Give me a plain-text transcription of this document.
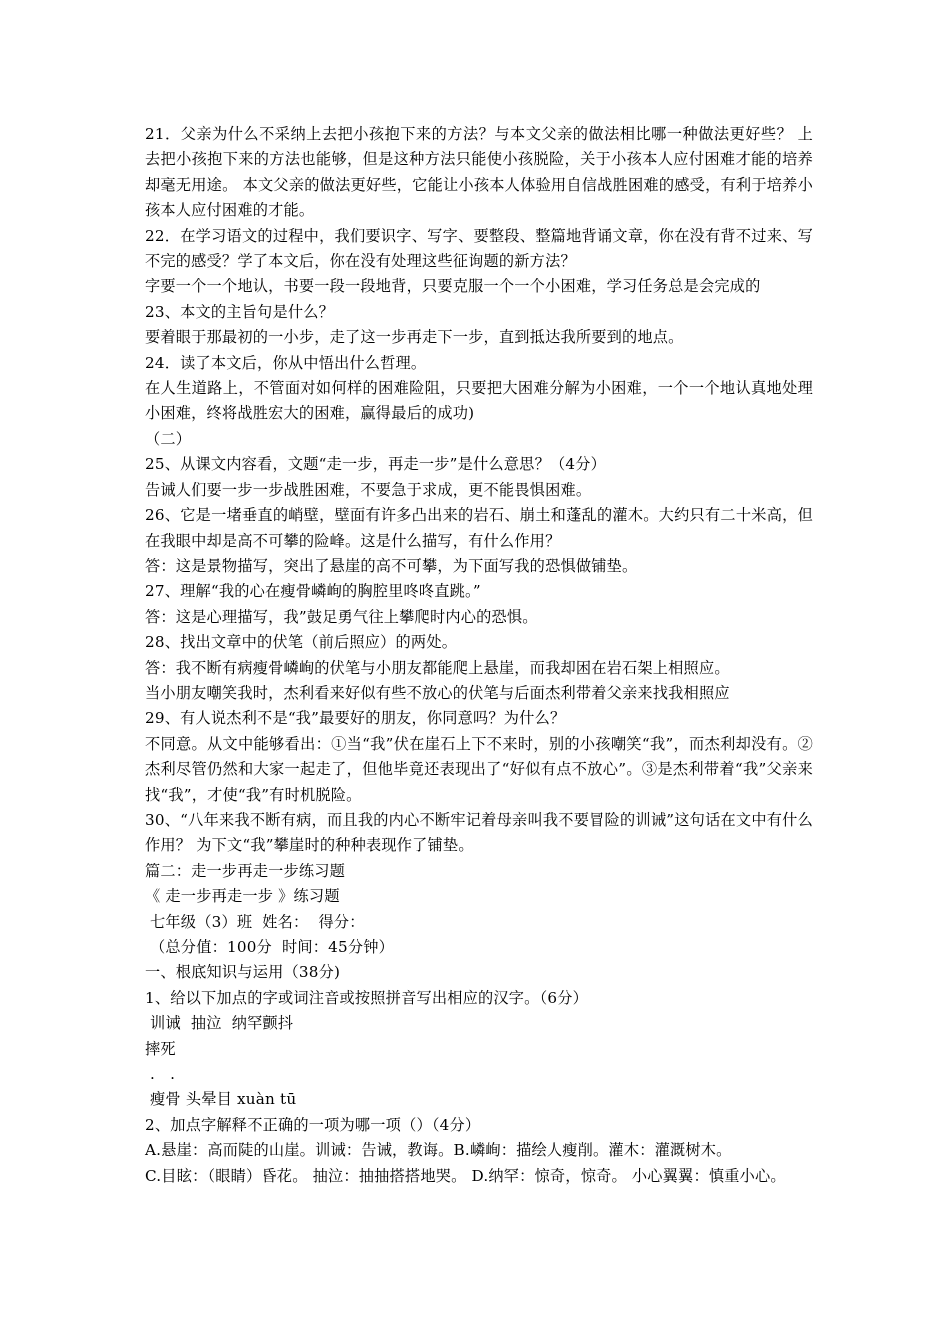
21．父亲为什么不采纳上去把小孩抱下来的方法？与本文父亲的做法相比哪一种做法更好些？ 上去把小孩抱下来的方法也能够，但是这种方法只能使小孩脱险，关于小孩本人应付困难才能的培养却毫无用途。 本文父亲的做法更好些，它能让小孩本人体验用自信战胜困难的感受，有利于培养小孩本人应付困难的才能。
22．在学习语文的过程中，我们要识字、写字、要整段、整篇地背诵文章，你在没有背不过来、写不完的感受？学了本文后，你在没有处理这些征询题的新方法？
字要一个一个地认，书要一段一段地背，只要克服一个一个小困难，学习任务总是会完成的
23、本文的主旨句是什么？
要着眼于那最初的一小步，走了这一步再走下一步，直到抵达我所要到的地点。
24．读了本文后，你从中悟出什么哲理。
在人生道路上，不管面对如何样的困难险阻，只要把大困难分解为小困难，一个一个地认真地处理小困难，终将战胜宏大的困难，赢得最后的成功)
（二）
25、从课文内容看，文题“走一步，再走一步”是什么意思？（4分）
告诫人们要一步一步战胜困难，不要急于求成，更不能畏惧困难。
26、它是一堵垂直的峭壁，壁面有许多凸出来的岩石、崩土和蓬乱的灌木。大约只有二十米高，但在我眼中却是高不可攀的险峰。这是什么描写，有什么作用？
答：这是景物描写，突出了悬崖的高不可攀，为下面写我的恐惧做铺垫。
27、理解“我的心在瘦骨嶙峋的胸腔里咚咚直跳。”
答：这是心理描写，我”鼓足勇气往上攀爬时内心的恐惧。
28、找出文章中的伏笔（前后照应）的两处。
答：我不断有病瘦骨嶙峋的伏笔与小朋友都能爬上悬崖，而我却困在岩石架上相照应。
当小朋友嘲笑我时，杰利看来好似有些不放心的伏笔与后面杰利带着父亲来找我相照应
29、有人说杰利不是“我”最要好的朋友，你同意吗？为什么？
不同意。从文中能够看出：①当“我”伏在崖石上下不来时，别的小孩嘲笑“我”，而杰利却没有。②杰利尽管仍然和大家一起走了，但他毕竟还表现出了“好似有点不放心”。③是杰利带着“我”父亲来找“我”，才使“我”有时机脱险。
30、“八年来我不断有病，而且我的内心不断牢记着母亲叫我不要冒险的训诫”这句话在文中有什么作用？ 为下文“我”攀崖时的种种表现作了铺垫。
篇二：走一步再走一步练习题
《 走一步再走一步 》练习题
七年级（3）班  姓名：  得分：
（总分值：100分  时间：45分钟）
一、根底知识与运用（38分)
1、给以下加点的字或词注音或按照拼音写出相应的汉字。（6分）
训诫  抽泣  纳罕颤抖
摔死
.   .
瘦骨 头晕目 xuàn tū
2、加点字解释不正确的一项为哪一项（）（4分）
A.悬崖：高而陡的山崖。训诫：告诫，教诲。B.嶙峋：描绘人瘦削。灌木：灌溉树木。
C.目眩：（眼睛）昏花。 抽泣：抽抽搭搭地哭。 D.纳罕：惊奇，惊奇。 小心翼翼：慎重小心。
